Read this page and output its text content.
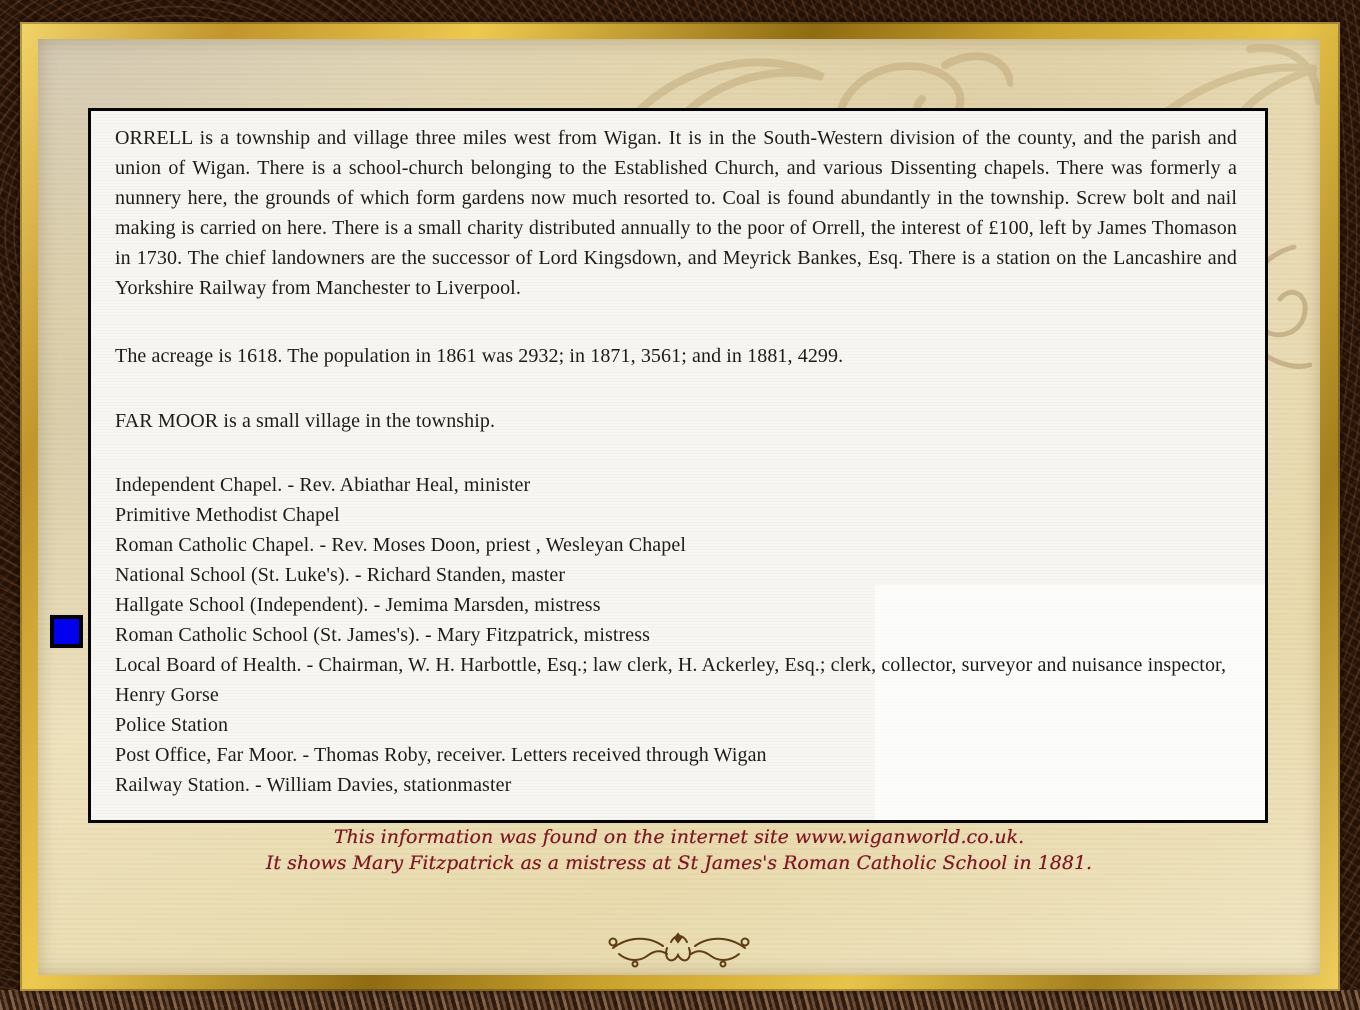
ORRELL is a township and village three miles west from Wigan. It is in the South-Western division of the county, and the parish and union of Wigan. There is a school-church belonging to the Established Church, and various Dissenting chapels. There was formerly a nunnery here, the grounds of which form gardens now much resorted to. Coal is found abundantly in the township. Screw bolt and nail making is carried on here. There is a small charity distributed annually to the poor of Orrell, the interest of £100, left by James Thomason in 1730. The chief landowners are the successor of Lord Kingsdown, and Meyrick Bankes, Esq. There is a station on the Lancashire and Yorkshire Railway from Manchester to Liverpool.

The acreage is 1618. The population in 1861 was 2932; in 1871, 3561; and in 1881, 4299.

FAR MOOR is a small village in the township.

Independent Chapel. - Rev. Abiathar Heal, minister
Primitive Methodist Chapel
Roman Catholic Chapel. - Rev. Moses Doon, priest , Wesleyan Chapel
National School (St. Luke's). - Richard Standen, master
Hallgate School (Independent). - Jemima Marsden, mistress
Roman Catholic School (St. James's). - Mary Fitzpatrick, mistress
Local Board of Health. - Chairman, W. H. Harbottle, Esq.; law clerk, H. Ackerley, Esq.; clerk, collector, surveyor and nuisance inspector, Henry Gorse
Police Station
Post Office, Far Moor. - Thomas Roby, receiver. Letters received through Wigan
Railway Station. - William Davies, stationmaster
This information was found on the internet site www.wiganworld.co.uk.
It shows Mary Fitzpatrick as a mistress at St James's Roman Catholic School in 1881.
